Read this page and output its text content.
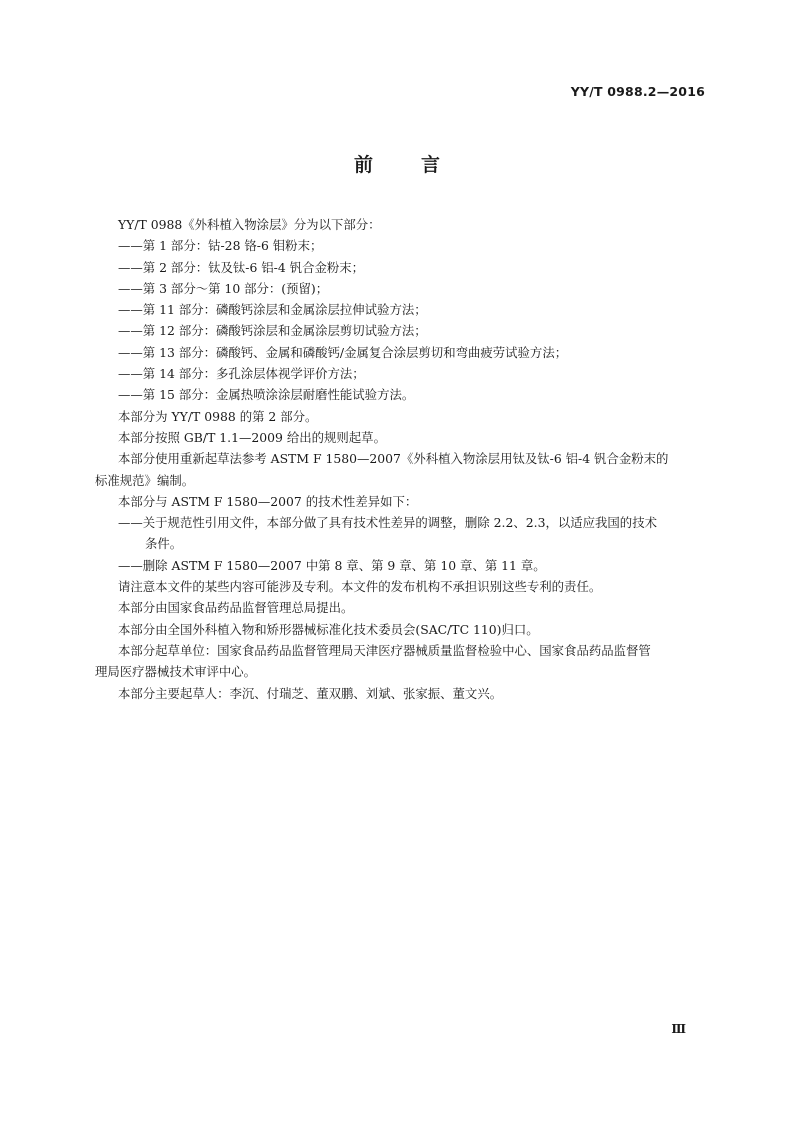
YY/T 0988.2—2016
前	言

YY/T 0988《外科植入物涂层》分为以下部分：

——第 1 部分：钴-28 铬-6 钼粉末；

——第 2 部分：钛及钛-6 铝-4 钒合金粉末；

——第 3 部分～第 10 部分：(预留)；

——第 11 部分：磷酸钙涂层和金属涂层拉伸试验方法；

——第 12 部分：磷酸钙涂层和金属涂层剪切试验方法；

——第 13 部分：磷酸钙、金属和磷酸钙/金属复合涂层剪切和弯曲疲劳试验方法；

——第 14 部分：多孔涂层体视学评价方法；

——第 15 部分：金属热喷涂涂层耐磨性能试验方法。

本部分为 YY/T 0988 的第 2 部分。

本部分按照 GB/T 1.1—2009 给出的规则起草。

本部分使用重新起草法参考 ASTM F 1580—2007《外科植入物涂层用钛及钛-6 铝-4 钒合金粉末的
标准规范》编制。

本部分与 ASTM F 1580—2007 的技术性差异如下：

——关于规范性引用文件，本部分做了具有技术性差异的调整，删除 2.2、2.3，以适应我国的技术
条件。

——删除 ASTM F 1580—2007 中第 8 章、第 9 章、第 10 章、第 11 章。

请注意本文件的某些内容可能涉及专利。本文件的发布机构不承担识别这些专利的责任。

本部分由国家食品药品监督管理总局提出。

本部分由全国外科植入物和矫形器械标准化技术委员会(SAC/TC 110)归口。

本部分起草单位：国家食品药品监督管理局天津医疗器械质量监督检验中心、国家食品药品监督管
理局医疗器械技术审评中心。

本部分主要起草人：李沉、付瑞芝、董双鹏、刘斌、张家振、董文兴。

Ⅲ
